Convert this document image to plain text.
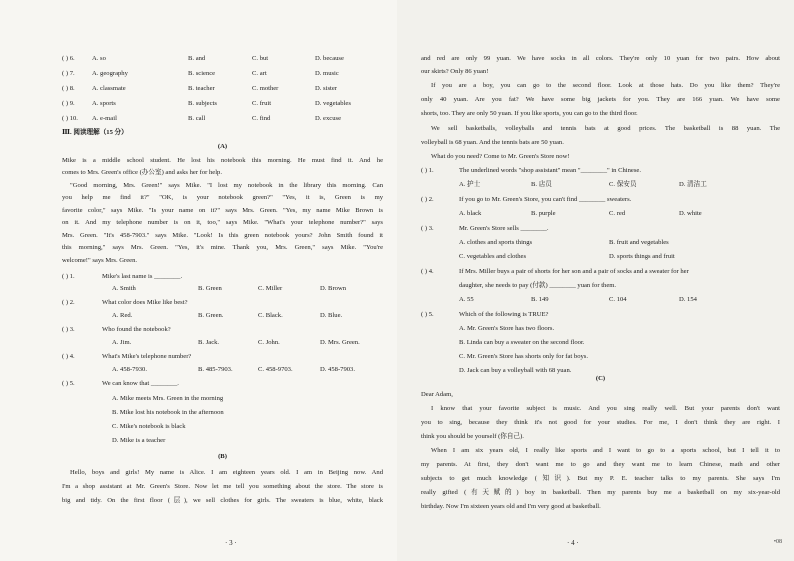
( ) 6.	A. so	B. and	C. but	D. because
( ) 7.	A. geography	B. science	C. art	D. music
( ) 8.	A. classmate	B. teacher	C. mother	D. sister
( ) 9.	A. sports	B. subjects	C. fruit	D. vegetables
( ) 10. A. e-mail	B. call	C. find	D. excuse
Ⅲ. 阅读理解（15 分）
(A)
Mike is a middle school student. He lost his notebook this morning. He must find it. And he
comes to Mrs. Green's office (办公室) and asks her for help.
"Good morning, Mrs. Green!" says Mike. "I lost my notebook in the library this morning. Can
you help me find it?" "OK, is your notebook green?" "Yes, it is, Green is my
favorite color," says Mike. "Is your name on it?" says Mrs. Green. "Yes, my name Mike Brown is
on it. And my telephone number is on it, too," says Mike. "What's your telephone number?" says
Mrs. Green. "It's 458-7903." says Mike. "Look! Is this green notebook yours? John Smith found it
this morning," says Mrs. Green. "Yes, it's mine. Thank you, Mrs. Green," says Mike. "You're
welcome!" says Mrs. Green.
( ) 1.	Mike's last name is ________.
A. Smith	B. Green	C. Miller	D. Brown
( ) 2.	What color does Mike like best?
A. Red.	B. Green.	C. Black.	D. Blue.
( ) 3.	Who found the notebook?
A. Jim.	B. Jack.	C. John.	D. Mrs. Green.
( ) 4.	What's Mike's telephone number?
A. 458-7930.	B. 485-7903.	C. 458-9703.	D. 458-7903.
( ) 5.	We can know that ________.
A. Mike meets Mrs. Green in the morning
B. Mike lost his notebook in the afternoon
C. Mike's notebook is black
D. Mike is a teacher
(B)
Hello, boys and girls! My name is Alice. I am eighteen years old. I am in Beijing now. And
I'm a shop assistant at Mr. Green's Store. Now let me tell you something about the store. The store is
big and tidy. On the first floor (层), we sell clothes for girls. The sweaters is blue, white, black
· 3 ·
and red are only 99 yuan. We have socks in all colors. They're only 10 yuan for two pairs. How about
our skirts? Only 86 yuan!
If you are a boy, you can go to the second floor. Look at those hats. Do you like them? They're
only 40 yuan. Are you fat? We have some big jackets for you. They are 166 yuan. We have some
shorts, too. They are only 50 yuan. If you like sports, you can go to the third floor.
We sell basketballs, volleyballs and tennis bats at good prices. The basketball is 88 yuan. The
volleyball is 68 yuan. And the tennis bats are 50 yuan.
What do you need? Come to Mr. Green's Store now!
( ) 1.	The underlined words "shop assistant" mean "________" in Chinese.
A. 护士	B. 店员	C. 保安员	D. 清洁工
( ) 2.	If you go to Mr. Green's Store, you can't find ________ sweaters.
A. black	B. purple	C. red	D. white
( ) 3.	Mr. Green's Store sells ________.
A. clothes and sports things	B. fruit and vegetables
C. vegetables and clothes	D. sports things and fruit
( ) 4.	If Mrs. Miller buys a pair of shorts for her son and a pair of socks and a sweater for her
daughter, she needs to pay (付款) ________ yuan for them.
A. 55	B. 149	C. 104	D. 154
( ) 5.	Which of the following is TRUE?
A. Mr. Green's Store has two floors.
B. Linda can buy a sweater on the second floor.
C. Mr. Green's Store has shorts only for fat boys.
D. Jack can buy a volleyball with 68 yuan.
(C)
Dear Adam,
I know that your favorite subject is music. And you sing really well. But your parents don't want
you to sing, because they think it's not good for your studies. For me, I don't think they are right. I
think you should be yourself (你自己).
When I am six years old, I really like sports and I want to go to a sports school, but I tell it to
my parents. At first, they don't want me to go and they want me to learn Chinese, math and other
subjects to get much knowledge (知识). But my P. E. teacher talks to my parents. She says I'm
really gifted (有天赋的) boy in basketball. Then my parents buy me a basketball on my six-year-old
birthday. Now I'm sixteen years old and I'm very good at basketball.
· 4 ·	•08
